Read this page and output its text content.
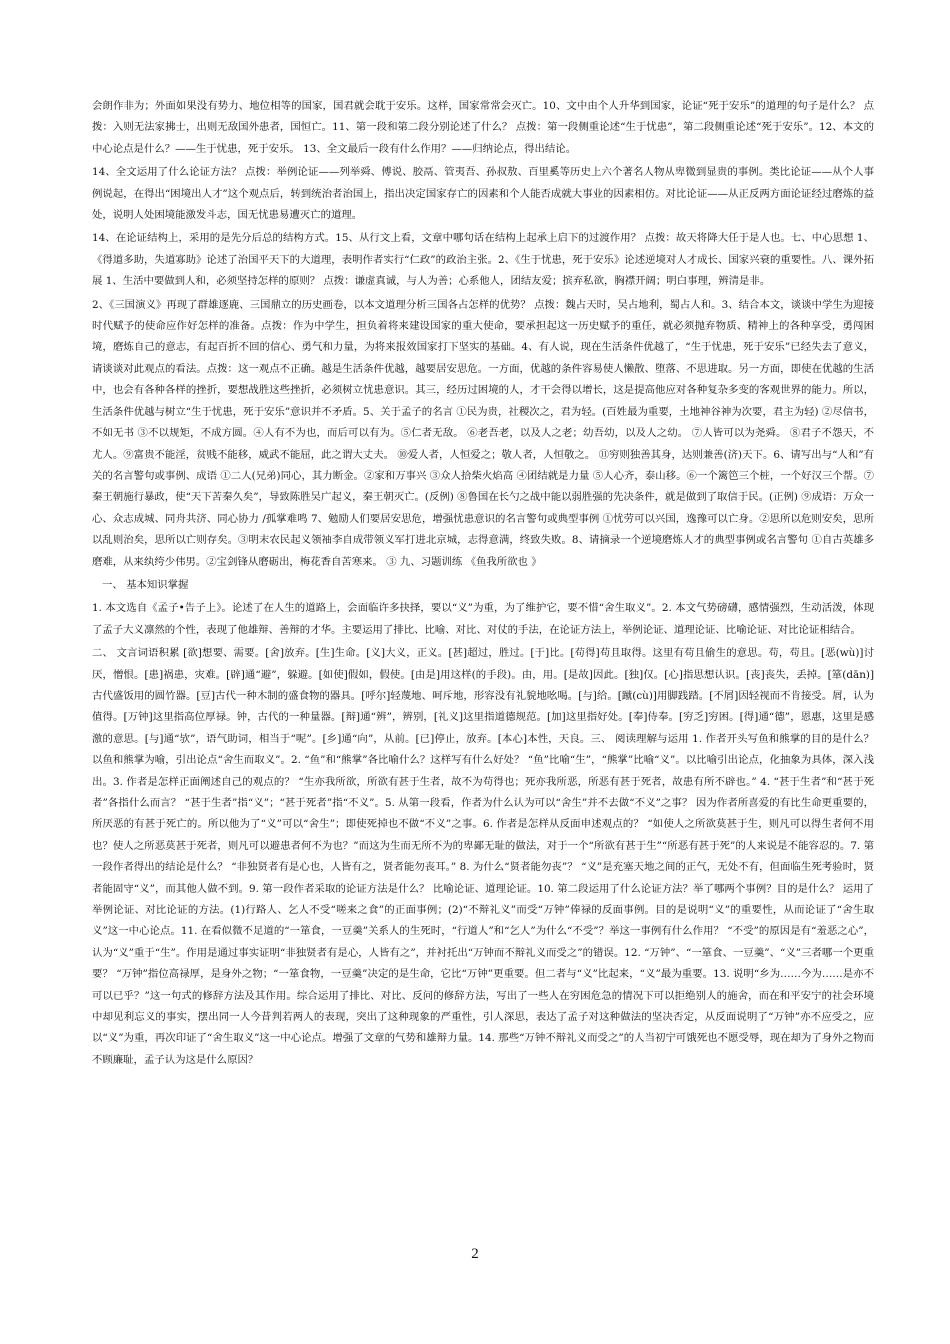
会朗作非为；外面如果没有势力、地位相等的国家，国君就会耽于安乐。这样，国家常常会灭亡。10、文中由个人升华到国家，论证“死于安乐”的道理的句子是什么？ 点拨：入则无法家拂士，出则无敌国外患者，国恒亡。11、第一段和第二段分别论述了什么？ 点拨：第一段侧重论述“生于忧患”，第二段侧重论述“死于安乐”。12、本文的中心论点是什么？——生于忧患，死于安乐。 13、全文最后一段有什么作用？——归纳论点，得出结论。

14、全文运用了什么论证方法？ 点拨：举例论证——列举舜、傅说、胶鬲、管夷吾、孙叔敖、百里奚等历史上六个著名人物从卑微到显贵的事例。类比论证——从个人事例说起，在得出“困境出人才”这个观点后，转到统治者治国上，指出决定国家存亡的因素和个人能否成就大事业的因素相仿。对比论证——从正反两方面论证经过磨炼的益处，说明人处困境能激发斗志，国无忧患易遭灭亡的道理。

14、在论证结构上，采用的是先分后总的结构方式。15、从行文上看，文章中哪句话在结构上起承上启下的过渡作用？ 点拨：故天将降大任于是人也。七、中心思想 1、《得道多助，失道寡助》论述了治国平天下的大道理，表明作者实行“仁政”的政治主张。2、《生于忧患，死于安乐》论述逆境对人才成长、国家兴衰的重要性。八、课外拓展 1、生活中要做到人和，必须坚持怎样的原则？ 点拨：谦虚真诚，与人为善；心系他人，团结友爱；摈弃私欲，胸襟开阔；明白事理，辨清是非。

2、《三国演义》再现了群雄逐鹿、三国鼎立的历史画卷，以本文道理分析三国各占怎样的优势？ 点拨：魏占天时，吴占地利，蜀占人和。3、结合本文，谈谈中学生为迎接时代赋予的使命应作好怎样的准备。点拨：作为中学生，担负着将来建设国家的重大使命，要承担起这一历史赋予的重任，就必须抛弃物质、精神上的各种享受，勇闯困境，磨炼自己的意志，有起百折不回的信心、勇气和力量，为将来报效国家打下坚实的基础。4、有人说，现在生活条件优越了，“生于忧患，死于安乐”已经失去了意义，请谈谈对此观点的看法。点拨：这一观点不正确。越是生活条件优越，越要居安思危。一方面，优越的条件容易使人懒散、堕落、不思进取。另一方面，即使在优越的生活中，也会有各种各样的挫折，要想战胜这些挫折，必须树立忧患意识。其三，经历过困境的人，才干会得以增长，这是提高他应对各种复杂多变的客观世界的能力。所以，生活条件优越与树立“生于忧患，死于安乐”意识并不矛盾。5、关于孟子的名言 ①民为贵，社稷次之，君为轻。(百姓最为重要，土地神谷神为次要，君主为轻) ②尽信书，不如无书 ③不以规矩，不成方圆。④人有不为也，而后可以有为。⑤仁者无敌。 ⑥老吾老，以及人之老；幼吾幼，以及人之幼。 ⑦人皆可以为尧舜。 ⑧君子不怨天，不尤人。⑨富贵不能淫，贫贱不能移，威武不能屈，此之谓大丈夫。 ⑩爱人者，人恒爱之；敬人者，人恒敬之。 ⑪穷则独善其身，达则兼善(济)天下。6、请写出与“人和”有关的名言警句或事例、成语 ①二人(兄弟)同心，其力断金。②家和万事兴 ③众人拾柴火焰高 ④团结就是力量 ⑤人心齐，泰山移。⑥一个篱笆三个桩，一个好汉三个帮。⑦秦王朝施行暴政，使“天下苦秦久矣”，导致陈胜吴广起义，秦王朝灭亡。(反例) ⑧鲁国在长勺之战中能以弱胜强的先决条件，就是做到了取信于民。(正例) ⑨成语：万众一心、众志成城、同舟共济、同心协力 /孤掌难鸣 7、勉励人们要居安思危，增强忧患意识的名言警句或典型事例 ①忧劳可以兴国，逸豫可以亡身。②思所以危则安矣，思所以乱则治矣，思所以亡则存矣。③明末农民起义领袖李自成带领义军打进北京城，志得意满，终致失败。8、请摘录一个逆境磨炼人才的典型事例或名言警句 ①自古英雄多磨难，从来纨绔少伟男。②宝剑锋从磨砺出，梅花香自苦寒来。 ③ 九、习题训练 《鱼我所欲也 》

一、 基本知识掌握

1. 本文选自《孟子•告子上》。论述了在人生的道路上，会面临许多抉择，要以“义”为重，为了维护它，要不惜“舍生取义”。2. 本文气势磅礴，感情强烈，生动活泼，体现了孟子大义凛然的个性，表现了他雄辩、善辩的才华。主要运用了排比、比喻、对比、对仗的手法，在论证方法上，举例论证、道理论证、比喻论证、对比论证相结合。

二、 文言词语积累 [欲]想要、需要。[舍]放弃。[生]生命。[义]大义，正义。[甚]超过，胜过。[于]比。[苟得]苟且取得。这里有苟且偷生的意思。苟，苟且。[恶(wù)]讨厌，憎恨。[患]祸患，灾难。[辟]通“避”，躲避。[如使]假如，假使。[由是]用这样(的手段)。由，用。[是故]因此。[独]仅。[心]指思想认识。[丧]丧失，丢掉。[箪(dān)]古代盛饭用的圆竹器。[豆]古代一种木制的盛食物的器具。[呼尔]轻蔑地、呵斥地，形容没有礼貌地吆喝。[与]给。[蹴(cù)]用脚践踏。[不屑]因轻视而不肯接受。屑，认为值得。[万钟]这里指高位厚禄。钟，古代的一种量器。[辩]通“辨”，辨别，[礼义]这里指道德规范。[加]这里指好处。[奉]侍奉。[穷乏]穷困。[得]通“德”，恩惠，这里是感激的意思。[与]通“欤”，语气助词，相当于“呢”。[乡]通“向”，从前。[已]停止，放弃。[本心]本性，天良。三、 阅读理解与运用 1. 作者开头写鱼和熊掌的目的是什么？ 以鱼和熊掌为喻，引出论点“舍生而取义”。2. “鱼”和“熊掌”各比喻什么？这样写有什么好处？ “鱼”比喻“生”，“熊掌”比喻“义”。以比喻引出论点，化抽象为具体，深入浅出。3. 作者是怎样正面阐述自己的观点的？ “生亦我所欲，所欲有甚于生者，故不为苟得也；死亦我所恶，所恶有甚于死者，故患有所不辟也。” 4. “甚于生者”和“甚于死者”各指什么而言？ “甚于生者”指“义”；“甚于死者”指“不义”。5. 从第一段看，作者为什么认为可以“舍生”并不去做“不义”之事？ 因为作者所喜爱的有比生命更重要的，所厌恶的有甚于死亡的。所以他为了“义”可以“舍生”；即使死掉也不做“不义”之事。6. 作者是怎样从反面申述观点的？ “如使人之所欲莫甚于生，则凡可以得生者何不用也？使人之所恶莫甚于死者，则凡可以避患者何不为也？”而这为生而无所不为的卑鄙无耻的做法，对于一个“所欲有甚于生”“所恶有甚于死”的人来说是不能容忍的。7. 第一段作者得出的结论是什么？ “非独贤者有是心也，人皆有之，贤者能勿丧耳。” 8. 为什么“贤者能勿丧”？ “义”是充塞天地之间的正气，无处不有，但面临生死考验时，贤者能固守“义”，而其他人做不到。9. 第一段作者采取的论证方法是什么？ 比喻论证、道理论证。10. 第二段运用了什么论证方法？举了哪两个事例？目的是什么？ 运用了举例论证、对比论证的方法。(1)行路人、乞人不受“嗟来之食”的正面事例；(2)“不辩礼义”而受“万钟”俸禄的反面事例。目的是说明“义”的重要性，从而论证了“舍生取义”这一中心论点。11. 在看似微不足道的“一箪食，一豆羹”关系人的生死时，“行道人”和“乞人”为什么“不受”？举这一事例有什么作用？ “不受”的原因是有“羞恶之心”，认为“义”重于“生”。作用是通过事实证明“非独贤者有是心，人皆有之”，并衬托出“万钟而不辩礼义而受之”的错误。12. “万钟”、“一箪食、一豆羹”、“义”三者哪一个更重要？ “万钟”指位高禄厚，是身外之物；“一箪食物，一豆羹”决定的是生命，它比“万钟”更重要。但二者与“义”比起来，“义”最为重要。13. 说明“乡为……今为……是亦不可以已乎？”这一句式的修辞方法及其作用。综合运用了排比、对比、反问的修辞方法，写出了一些人在穷困危急的情况下可以拒绝别人的施舍，而在和平安宁的社会环境中却见利忘义的事实，摆出同一人今昔判若两人的表现，突出了这种现象的严重性，引人深思，表达了孟子对这种做法的坚决否定，从反面说明了“万钟”亦不应受之，应以“义”为重，再次印证了“舍生取义”这一中心论点。增强了文章的气势和雄辩力量。14. 那些“万钟不辩礼义而受之”的人当初宁可饿死也不愿受辱，现在却为了身外之物而不顾廉耻，孟子认为这是什么原因？

2
